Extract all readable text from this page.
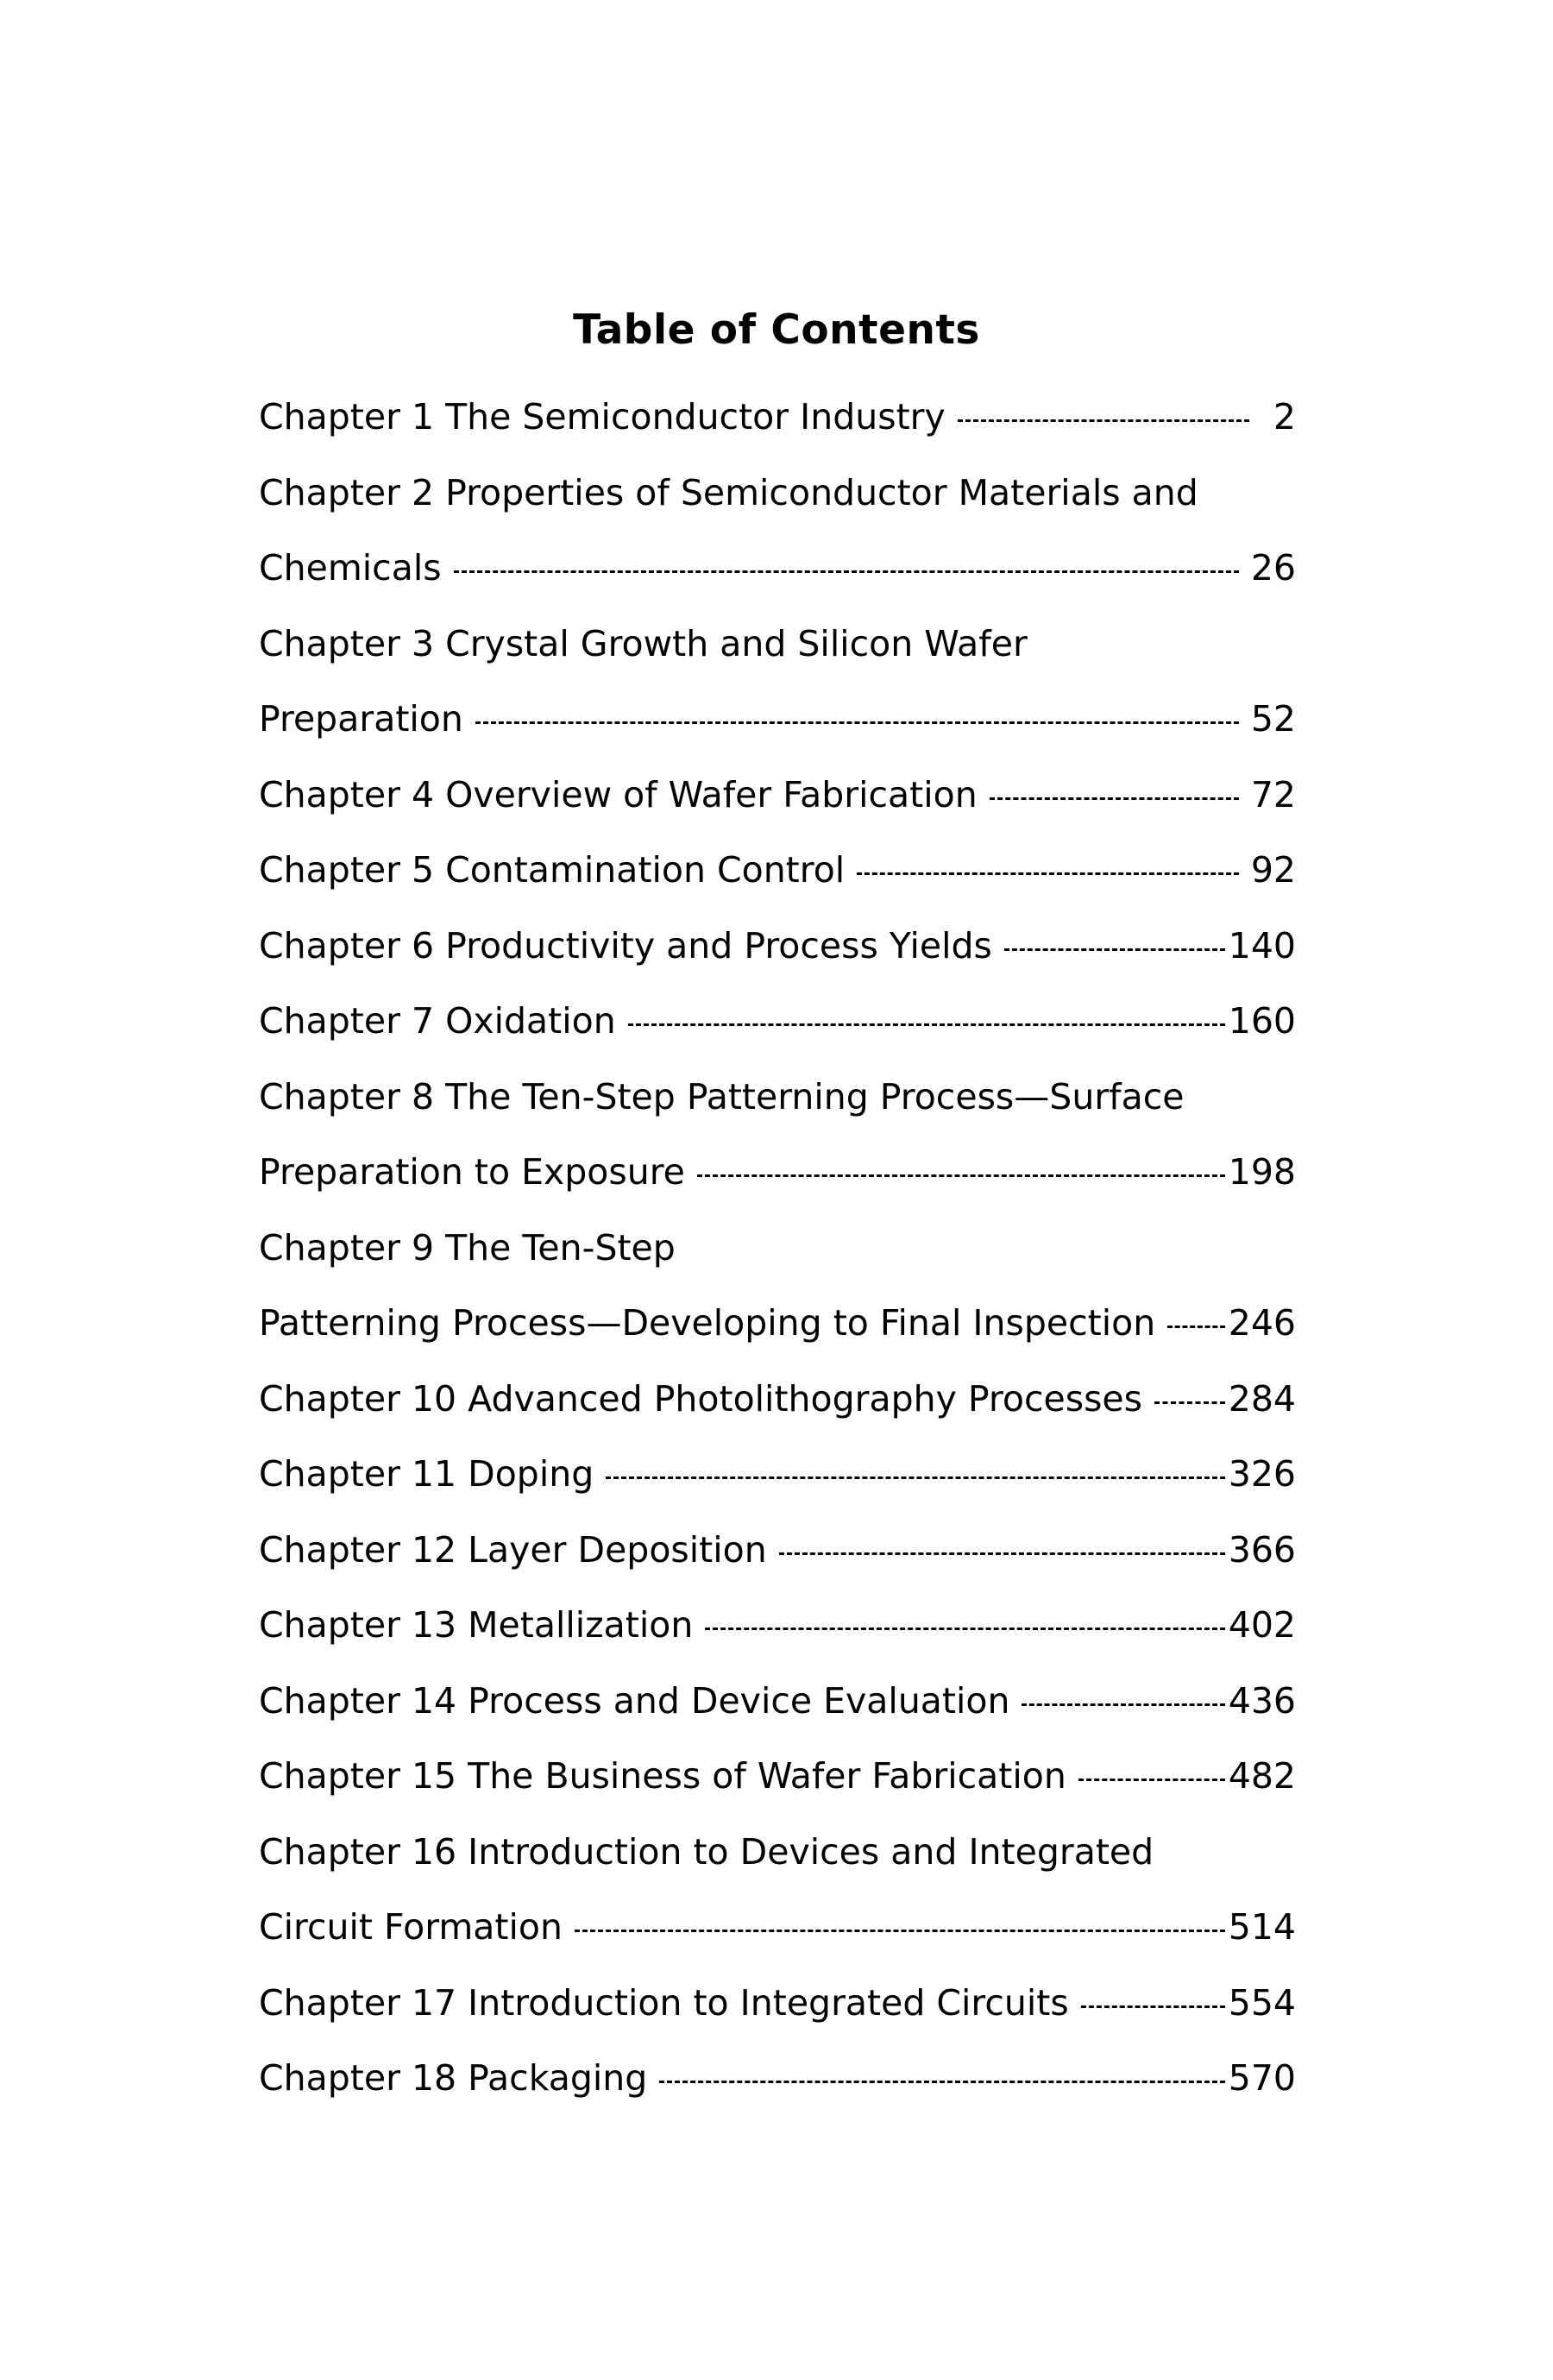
Table of Contents
Chapter 1 The Semiconductor Industry	2
Chapter 2 Properties of Semiconductor Materials and
Chemicals	26
Chapter 3 Crystal Growth and Silicon Wafer
Preparation	52
Chapter 4 Overview of Wafer Fabrication	72
Chapter 5 Contamination Control	92
Chapter 6 Productivity and Process Yields	140
Chapter 7 Oxidation	160
Chapter 8 The Ten-Step Patterning Process—Surface
Preparation to Exposure	198
Chapter 9 The Ten-Step
Patterning Process—Developing to Final Inspection 246
Chapter 10 Advanced Photolithography Processes 284
Chapter 11 Doping	326
Chapter 12 Layer Deposition	366
Chapter 13 Metallization	402
Chapter 14 Process and Device Evaluation	436
Chapter 15 The Business of Wafer Fabrication	482
Chapter 16 Introduction to Devices and Integrated
Circuit Formation	514
Chapter 17 Introduction to Integrated Circuits	554
Chapter 18 Packaging	570
